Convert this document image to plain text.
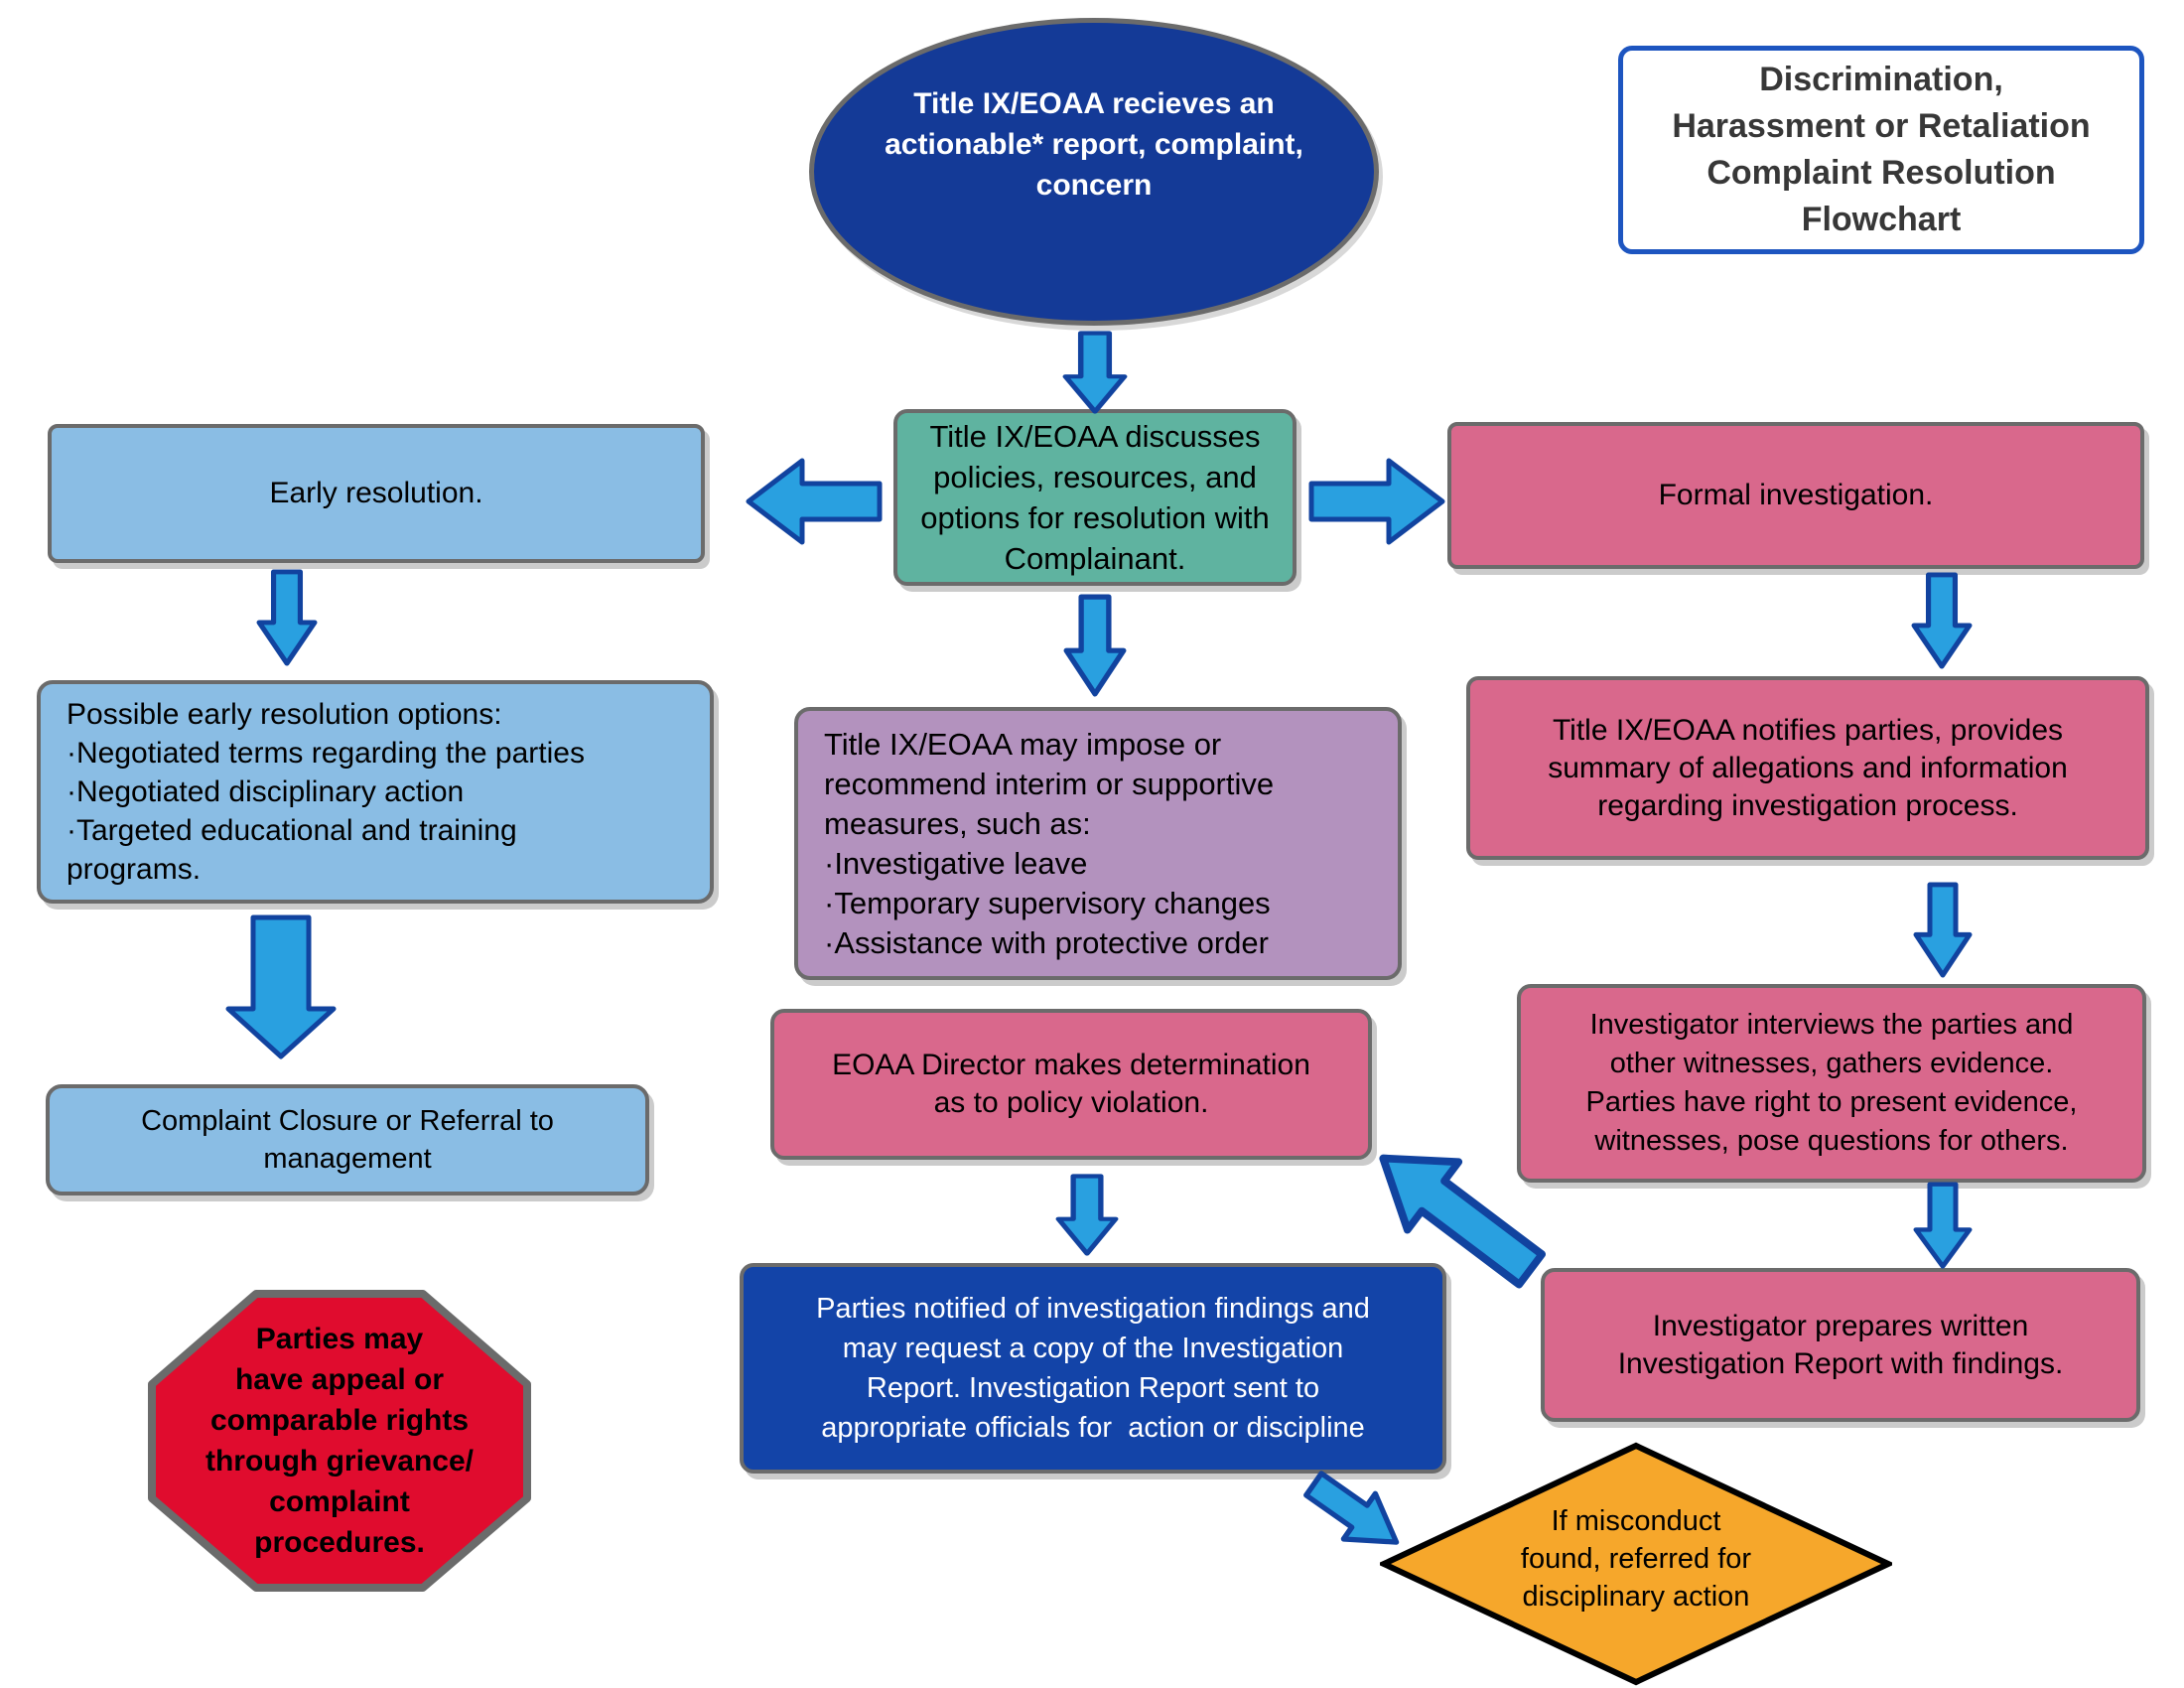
Title IX/EOAA recieves an
actionable* report, complaint,
concern
Discrimination,
Harassment or Retaliation
Complaint Resolution
Flowchart
Title IX/EOAA discusses
policies, resources, and
options for resolution with
Complainant.
Early resolution.	Formal investigation.
Possible early resolution options:
·Negotiated terms regarding the parties
·Negotiated disciplinary action
·Targeted educational and training
programs.
Title IX/EOAA may impose or
recommend interim or supportive
measures, such as:
·Investigative leave
·Temporary supervisory changes
·Assistance with protective order
Title IX/EOAA notifies parties, provides
summary of allegations and information
regarding investigation process.
Complaint Closure or Referral to
management
Investigator interviews the parties and
other witnesses, gathers evidence.
Parties have right to present evidence,
witnesses, pose questions for others.
EOAA Director makes determination
as to policy violation.
Parties may
have appeal or
comparable rights
through grievance/
complaint
procedures.
Parties notified of investigation findings and
may request a copy of the Investigation
Report. Investigation Report sent to
appropriate officials for  action or discipline
Investigator prepares written
Investigation Report with findings.
If misconduct
found, referred for
disciplinary action
